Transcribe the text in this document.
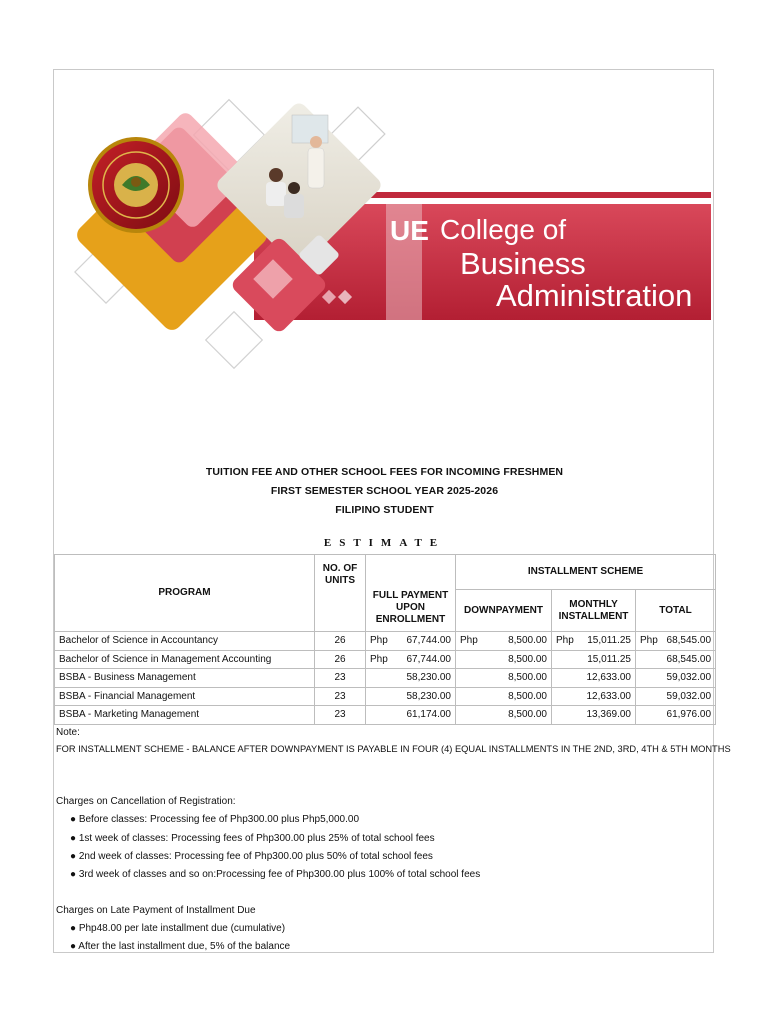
UE College of
Business
Administration
TUITION FEE AND OTHER SCHOOL FEES FOR INCOMING FRESHMEN
FIRST SEMESTER SCHOOL YEAR 2025-2026
FILIPINO STUDENT
ESTIMATE
PROGRAM	NO. OF UNITS	FULL PAYMENT UPON ENROLLMENT	INSTALLMENT SCHEME		
			DOWNPAYMENT	MONTHLY INSTALLMENT	TOTAL
Bachelor of Science in Accountancy	26	Php 67,744.00	Php 8,500.00	Php 15,011.25	Php 68,545.00

Bachelor of Science in Management Accounting	26	Php 67,744.00	8,500.00	15,011.25	68,545.00

BSBA - Business Management	23	58,230.00	8,500.00	12,633.00	59,032.00

BSBA - Financial Management	23	58,230.00	8,500.00	12,633.00	59,032.00

BSBA - Marketing Management	23	61,174.00	8,500.00	13,369.00	61,976.00
Note:
FOR INSTALLMENT SCHEME - BALANCE AFTER DOWNPAYMENT IS PAYABLE IN FOUR (4) EQUAL INSTALLMENTS IN THE 2ND, 3RD, 4TH & 5TH MONTHS
Charges on Cancellation of Registration:
● Before classes: Processing fee of Php300.00 plus Php5,000.00
● 1st week of classes: Processing fees of Php300.00 plus 25% of total school fees
● 2nd week of classes: Processing fee of Php300.00 plus 50% of total school fees
● 3rd week of classes and so on:Processing fee of Php300.00 plus 100% of total school fees
Charges on Late Payment of Installment Due
● Php48.00 per late installment due (cumulative)
● After the last installment due, 5% of the balance
